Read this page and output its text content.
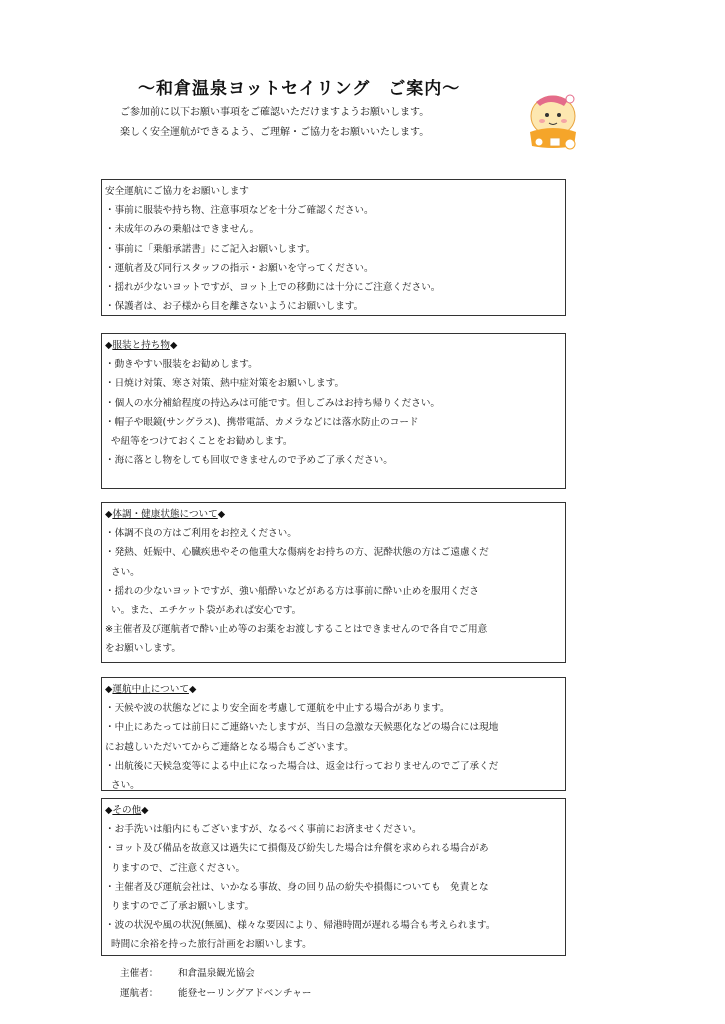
～和倉温泉ヨットセイリング　ご案内～
ご参加前に以下お願い事項をご確認いただけますようお願いします。
楽しく安全運航ができるよう、ご理解・ご協力をお願いいたします。
安全運航にご協力をお願いします
・事前に服装や持ち物、注意事項などを十分ご確認ください。
・未成年のみの乗船はできません。
・事前に「乗船承諾書」にご記入お願いします。
・運航者及び同行スタッフの指示・お願いを守ってください。
・揺れが少ないヨットですが、ヨット上での移動には十分にご注意ください。
・保護者は、お子様から目を離さないようにお願いします。
◆服装と持ち物◆
・動きやすい服装をお勧めします。
・日焼け対策、寒さ対策、熱中症対策をお願いします。
・個人の水分補給程度の持込みは可能です。但しごみはお持ち帰りください。
・帽子や眼鏡(サングラス)、携帯電話、カメラなどには落水防止のコード
や紐等をつけておくことをお勧めします。
・海に落とし物をしても回収できませんので予めご了承ください。
◆体調・健康状態について◆
・体調不良の方はご利用をお控えください。
・発熱、妊娠中、心臓疾患やその他重大な傷病をお持ちの方、泥酔状態の方はご遠慮くだ
さい。
・揺れの少ないヨットですが、強い船酔いなどがある方は事前に酔い止めを服用くださ
い。また、エチケット袋があれば安心です。
※主催者及び運航者で酔い止め等のお薬をお渡しすることはできませんので各自でご用意
をお願いします。
◆運航中止について◆
・天候や波の状態などにより安全面を考慮して運航を中止する場合があります。
・中止にあたっては前日にご連絡いたしますが、当日の急激な天候悪化などの場合には現地
にお越しいただいてからご連絡となる場合もございます。
・出航後に天候急変等による中止になった場合は、返金は行っておりませんのでご了承くだ
さい。
◆その他◆
・お手洗いは船内にもございますが、なるべく事前にお済ませください。
・ヨット及び備品を故意又は過失にて損傷及び紛失した場合は弁償を求められる場合があ
りますので、ご注意ください。
・主催者及び運航会社は、いかなる事故、身の回り品の紛失や損傷についても　免責とな
りますのでご了承お願いします。
・波の状況や風の状況(無風)、様々な要因により、帰港時間が遅れる場合も考えられます。
時間に余裕を持った旅行計画をお願いします。
主催者： 和倉温泉観光協会
運航者： 能登セーリングアドベンチャー
